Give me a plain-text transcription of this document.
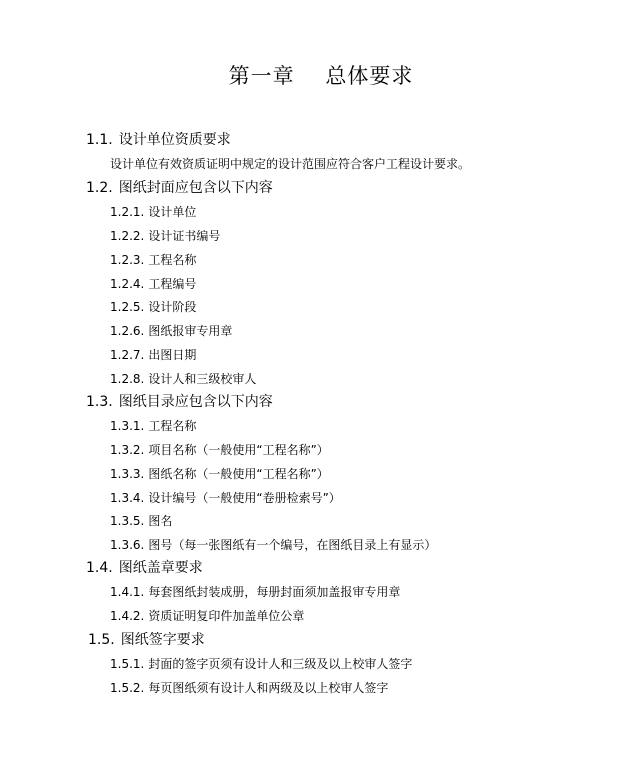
第一章    总体要求
1.1. 设计单位资质要求
设计单位有效资质证明中规定的设计范围应符合客户工程设计要求。
1.2. 图纸封面应包含以下内容
1.2.1. 设计单位
1.2.2. 设计证书编号
1.2.3. 工程名称
1.2.4. 工程编号
1.2.5. 设计阶段
1.2.6. 图纸报审专用章
1.2.7. 出图日期
1.2.8. 设计人和三级校审人
1.3. 图纸目录应包含以下内容
1.3.1. 工程名称
1.3.2. 项目名称（一般使用“工程名称”）
1.3.3. 图纸名称（一般使用“工程名称”）
1.3.4. 设计编号（一般使用“卷册检索号”）
1.3.5. 图名
1.3.6. 图号（每一张图纸有一个编号，在图纸目录上有显示）
1.4. 图纸盖章要求
1.4.1. 每套图纸封装成册，每册封面须加盖报审专用章
1.4.2. 资质证明复印件加盖单位公章
1.5. 图纸签字要求
1.5.1. 封面的签字页须有设计人和三级及以上校审人签字
1.5.2. 每页图纸须有设计人和两级及以上校审人签字
